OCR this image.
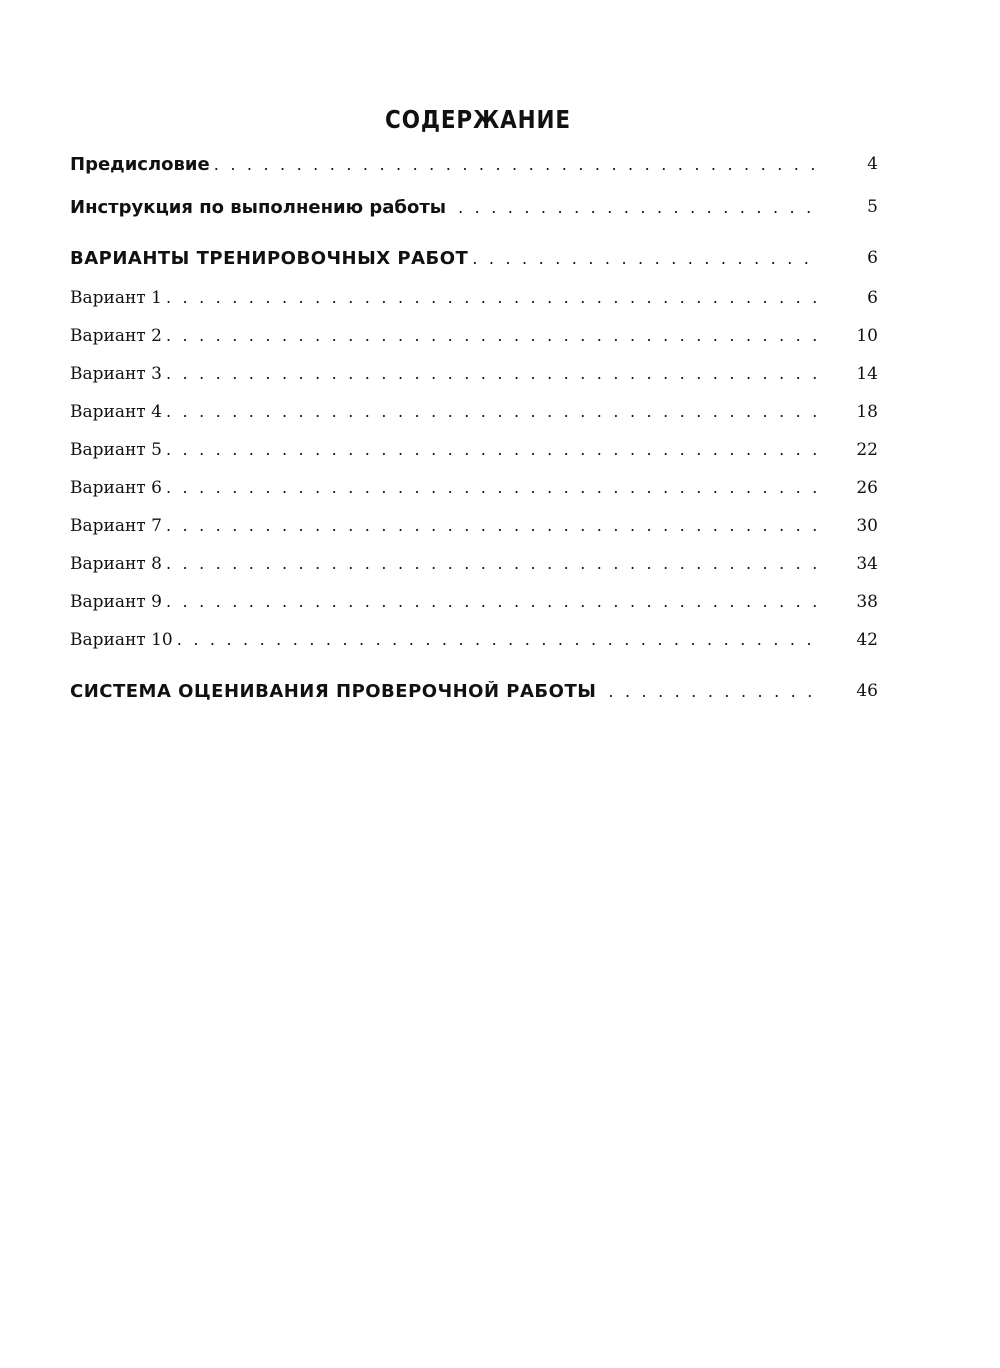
СОДЕРЖАНИЕ
Предисловие . . .	4
Инструкция по выполнению работы . . .	5
ВАРИАНТЫ ТРЕНИРОВОЧНЫХ РАБОТ . . .	6
Вариант 1 . . .	6
Вариант 2 . . .	10
Вариант 3 . . .	14
Вариант 4 . . .	18
Вариант 5 . . .	22
Вариант 6 . . .	26
Вариант 7 . . .	30
Вариант 8 . . .	34
Вариант 9 . . .	38
Вариант 10 . . .	42
СИСТЕМА ОЦЕНИВАНИЯ ПРОВЕРОЧНОЙ РАБОТЫ . . .	46
